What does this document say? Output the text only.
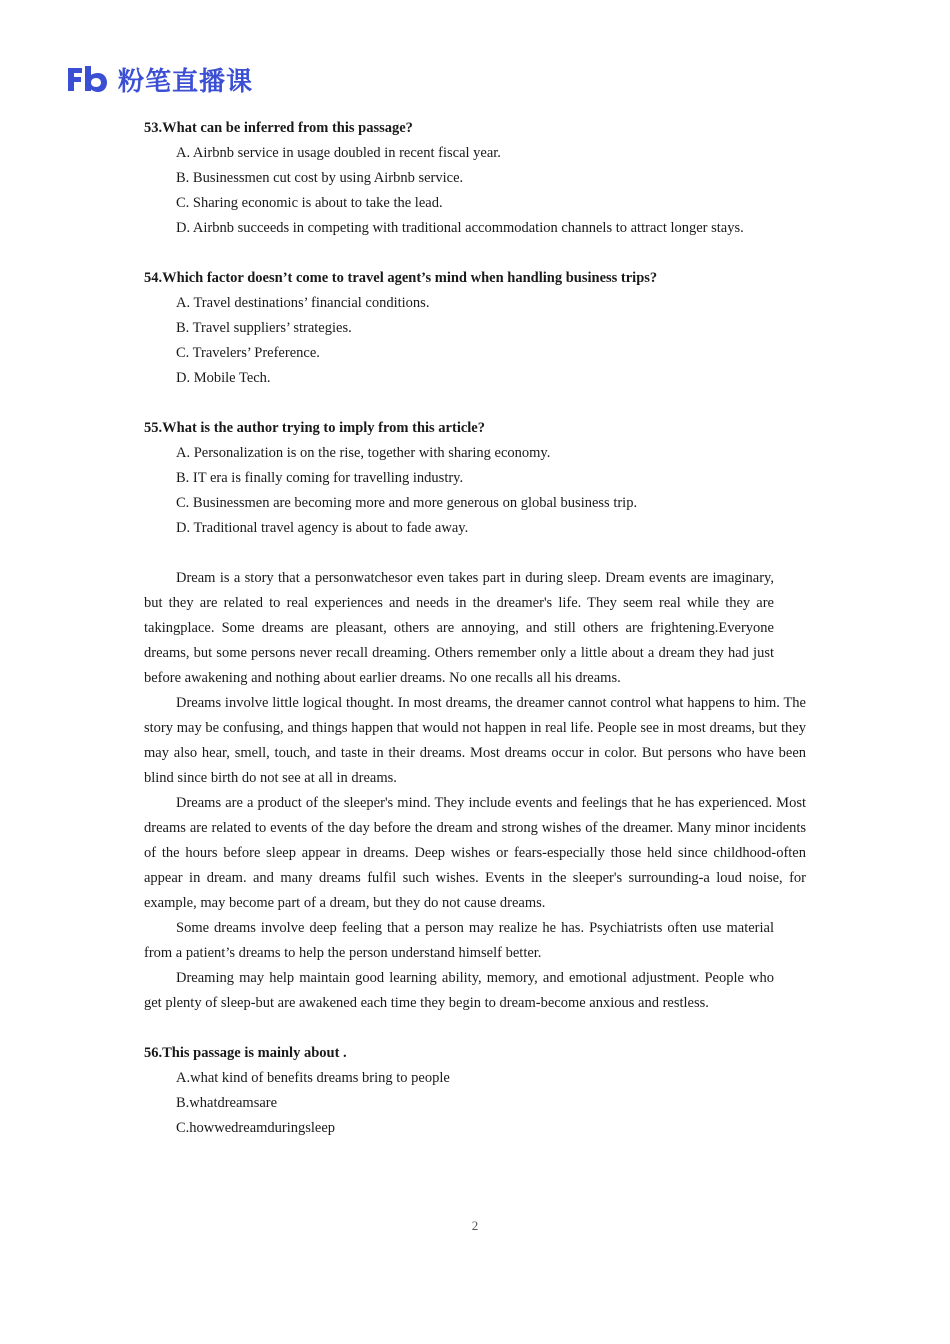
粉笔直播课

53.What can be inferred from this passage?

A. Airbnb service in usage doubled in recent fiscal year.

B. Businessmen cut cost by using Airbnb service.

C. Sharing economic is about to take the lead.

D. Airbnb succeeds in competing with traditional accommodation channels to attract longer stays.

54.Which factor doesn’t come to travel agent’s mind when handling business trips?

A. Travel destinations’ financial conditions.

B. Travel suppliers’ strategies.

C. Travelers’ Preference.

D. Mobile Tech.

55.What is the author trying to imply from this article?

A. Personalization is on the rise, together with sharing economy.

B. IT era is finally coming for travelling industry.

C. Businessmen are becoming more and more generous on global business trip.

D. Traditional travel agency is about to fade away.

Dream is a story that a personwatchesor even takes part in during sleep. Dream events are imaginary, but they are related to real experiences and needs in the dreamer's life. They seem real while they are takingplace. Some dreams are pleasant, others are annoying, and still others are frightening.Everyone dreams, but some persons never recall dreaming. Others remember only a little about a dream they had just before awakening and nothing about earlier dreams. No one recalls all his dreams.

Dreams involve little logical thought. In most dreams, the dreamer cannot control what happens to him. The story may be confusing, and things happen that would not happen in real life. People see in most dreams, but they may also hear, smell, touch, and taste in their dreams. Most dreams occur in color. But persons who have been blind since birth do not see at all in dreams.

Dreams are a product of the sleeper's mind. They include events and feelings that he has experienced. Most dreams are related to events of the day before the dream and strong wishes of the dreamer. Many minor incidents of the hours before sleep appear in dreams. Deep wishes or fears-especially those held since childhood-often appear in dream. and many dreams fulfil such wishes. Events in the sleeper's surrounding-a loud noise, for example, may become part of a dream, but they do not cause dreams.

Some dreams involve deep feeling that a person may realize he has. Psychiatrists often use material from a patient’s dreams to help the person understand himself better.

Dreaming may help maintain good learning ability, memory, and emotional adjustment. People who get plenty of sleep-but are awakened each time they begin to dream-become anxious and restless.

56.This passage is mainly about .

A.what kind of benefits dreams bring to people

B.whatdreamsare

C.howwedreamduringsleep

2
